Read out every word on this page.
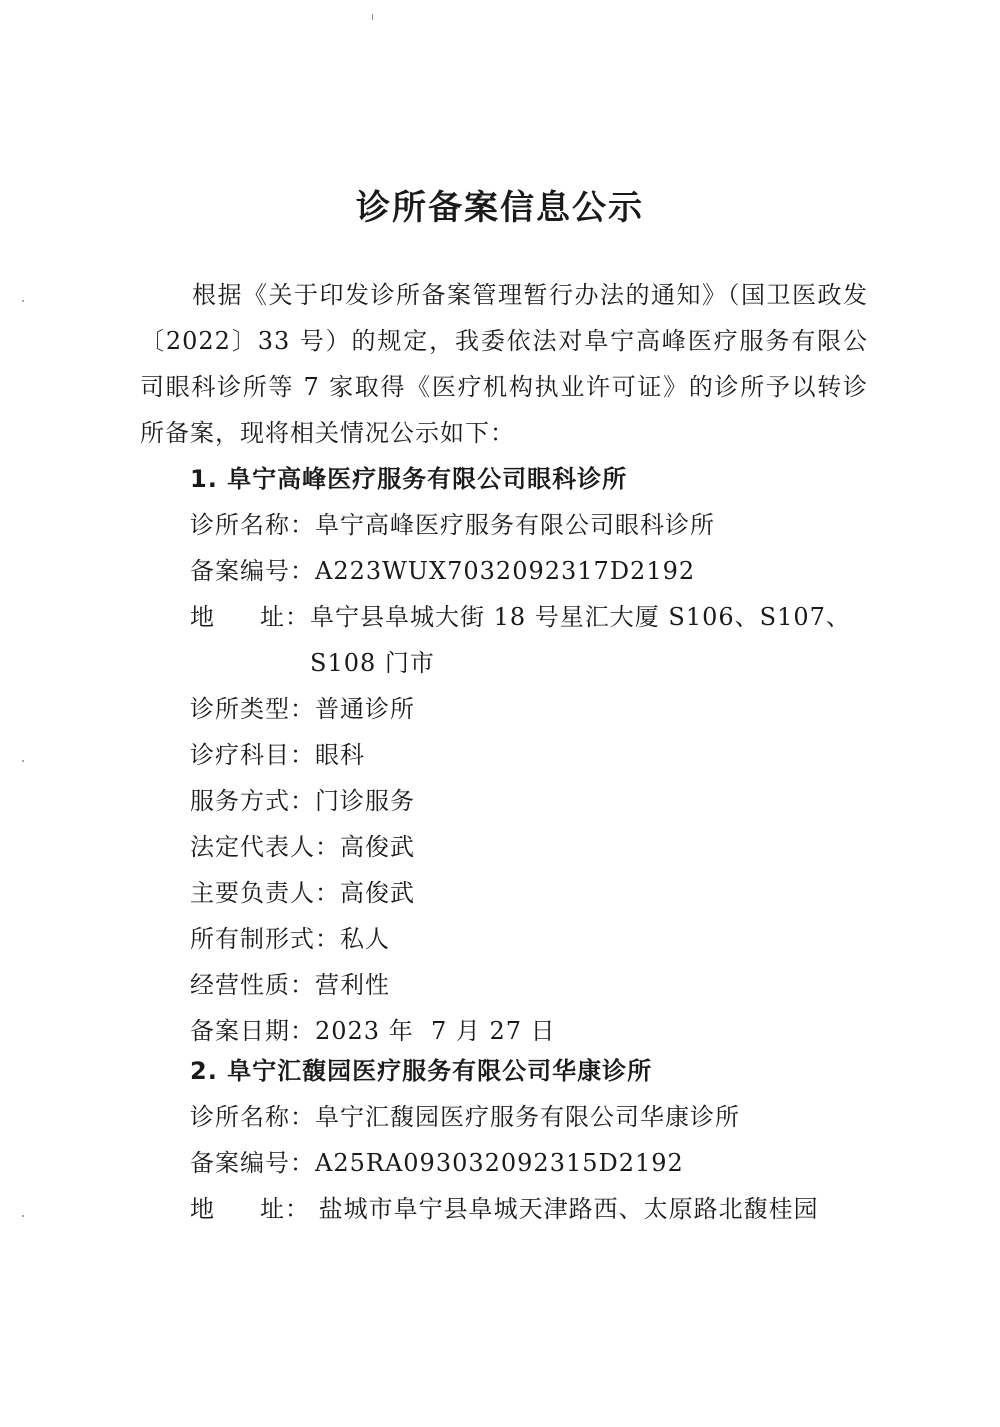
诊所备案信息公示
根据《关于印发诊所备案管理暂行办法的通知》（国卫医政发〔2022〕33 号）的规定，我委依法对阜宁高峰医疗服务有限公司眼科诊所等 7 家取得《医疗机构执业许可证》的诊所予以转诊所备案，现将相关情况公示如下：
1. 阜宁高峰医疗服务有限公司眼科诊所
诊所名称： 阜宁高峰医疗服务有限公司眼科诊所
备案编号： A223WUX7032092317D2192
地 址： 阜宁县阜城大街 18 号星汇大厦 S106、S107、S108 门市
诊所类型： 普通诊所
诊疗科目： 眼科
服务方式： 门诊服务
法定代表人： 高俊武
主要负责人： 高俊武
所有制形式： 私人
经营性质： 营利性
备案日期： 2023 年  7 月 27 日
2. 阜宁汇馥园医疗服务有限公司华康诊所
诊所名称： 阜宁汇馥园医疗服务有限公司华康诊所
备案编号： A25RA093032092315D2192
地 址： 盐城市阜宁县阜城天津路西、太原路北馥桂园
